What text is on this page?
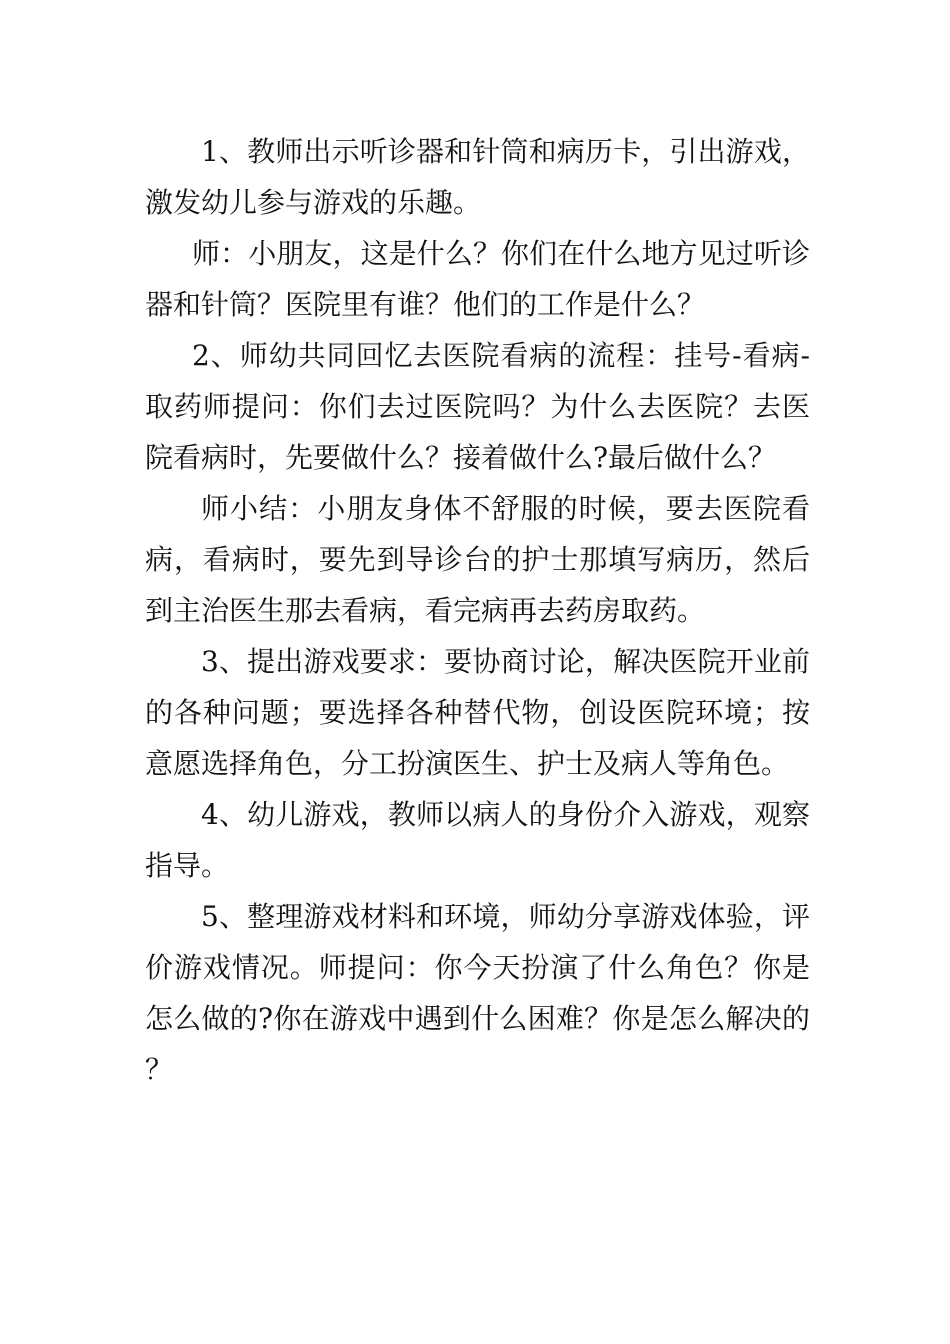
1、教师出示听诊器和针筒和病历卡，引出游戏，激发幼儿参与游戏的乐趣。

师：小朋友，这是什么？你们在什么地方见过听诊器和针筒？医院里有谁？他们的工作是什么？

2、师幼共同回忆去医院看病的流程：挂号-看病-取药师提问：你们去过医院吗？为什么去医院？去医院看病时，先要做什么？接着做什么?最后做什么？

师小结：小朋友身体不舒服的时候，要去医院看病，看病时，要先到导诊台的护士那填写病历，然后到主治医生那去看病，看完病再去药房取药。

3、提出游戏要求：要协商讨论，解决医院开业前的各种问题；要选择各种替代物，创设医院环境；按意愿选择角色，分工扮演医生、护士及病人等角色。

4、幼儿游戏，教师以病人的身份介入游戏，观察指导。

5、整理游戏材料和环境，师幼分享游戏体验，评价游戏情况。师提问：你今天扮演了什么角色？你是怎么做的?你在游戏中遇到什么困难？你是怎么解决的？
